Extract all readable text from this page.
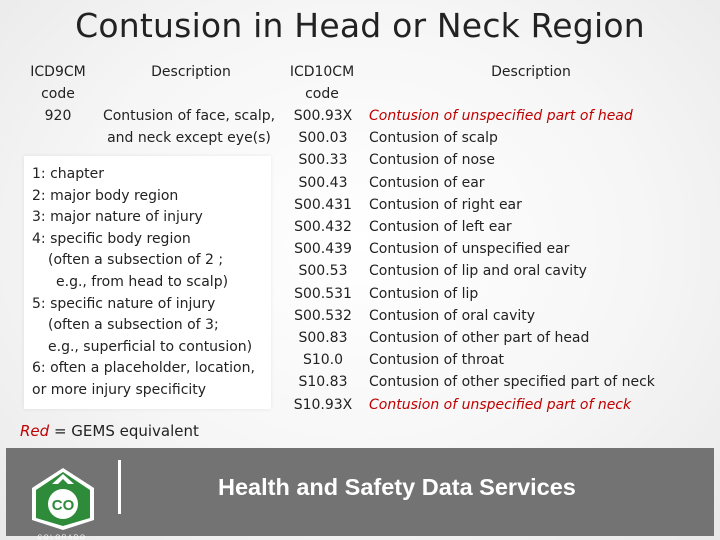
Contusion in Head or Neck Region
ICD9CM
code
Description	ICD10CM
code
Description
920	Contusion of face, scalp,
and neck except eye(s)
1: chapter
2: major body region
3: major nature of injury
4: specific body region
(often a subsection of 2 ;
e.g., from head to scalp)
5: specific nature of injury
(often a subsection of 3;
e.g., superficial to contusion)
6: often a placeholder, location,
or more injury specificity
S00.93X
S00.03
S00.33
S00.43
S00.431
S00.432
S00.439
S00.53
S00.531
S00.532
S00.83
S10.0
S10.83
S10.93X
Contusion of unspecified part of head
Contusion of scalp
Contusion of nose
Contusion of ear
Contusion of right ear
Contusion of left ear
Contusion of unspecified ear
Contusion of lip and oral cavity
Contusion of lip
Contusion of oral cavity
Contusion of other part of head
Contusion of throat
Contusion of other specified part of neck
Contusion of unspecified part of neck
Red = GEMS equivalent
CO
COLORADO
Health and Safety Data Services
